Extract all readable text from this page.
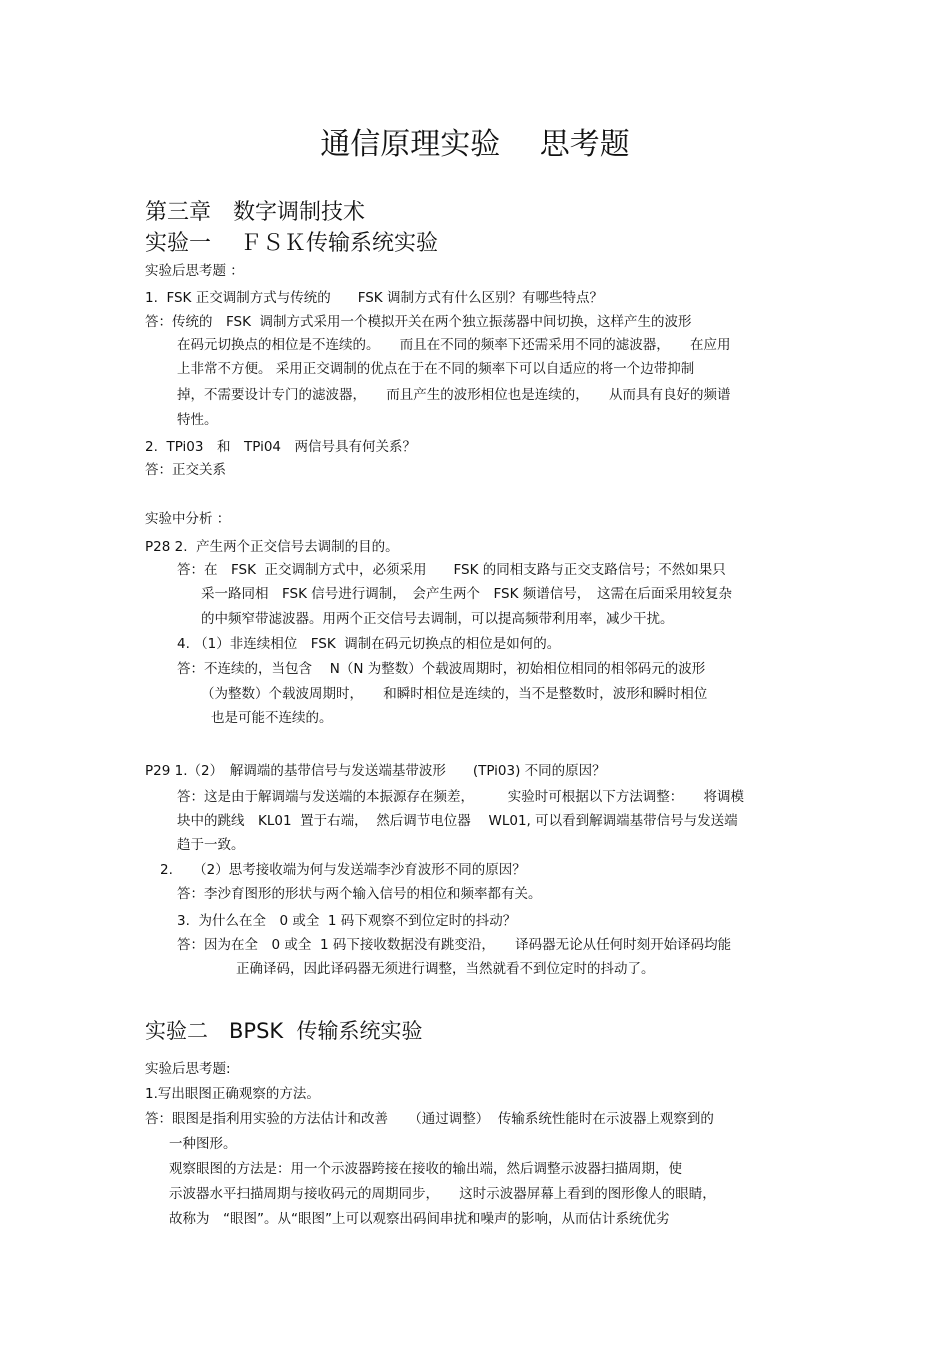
通信原理实验　 思考题
第三章　数字调制技术
实验一　 ＦＳＫ传输系统实验
实验后思考题 ：
1.  FSK 正交调制方式与传统的　　FSK 调制方式有什么区别？有哪些特点？
答：传统的　FSK  调制方式采用一个模拟开关在两个独立振荡器中间切换，这样产生的波形
在码元切换点的相位是不连续的。　　而且在不同的频率下还需采用不同的滤波器，　　在应用
上非常不方便。 采用正交调制的优点在于在不同的频率下可以自适应的将一个边带抑制
掉，不需要设计专门的滤波器，　　而且产生的波形相位也是连续的，　　从而具有良好的频谱
特性。
2.  TPi03　和　TPi04　两信号具有何关系？
答：正交关系
实验中分析 ：
P28 2.  产生两个正交信号去调制的目的。
答：在　FSK  正交调制方式中，必须采用　　FSK 的同相支路与正交支路信号；不然如果只
采一路同相　FSK 信号进行调制，　会产生两个　FSK 频谱信号，　这需在后面采用较复杂
的中频窄带滤波器。用两个正交信号去调制，可以提高频带利用率，减少干扰。
4. （1）非连续相位　FSK  调制在码元切换点的相位是如何的。
答：不连续的，当包含　 N（N 为整数）个载波周期时，初始相位相同的相邻码元的波形
（为整数）个载波周期时，　　和瞬时相位是连续的，当不是整数时，波形和瞬时相位
也是可能不连续的。
P29 1.（2）　解调端的基带信号与发送端基带波形　　(TPi03) 不同的原因？
答：这是由于解调端与发送端的本振源存在频差，　　　实验时可根据以下方法调整：　　将调模
块中的跳线　KL01  置于右端，  然后调节电位器　 WL01, 可以看到解调端基带信号与发送端
趋于一致。
2.　　（2）思考接收端为何与发送端李沙育波形不同的原因？
答：李沙育图形的形状与两个输入信号的相位和频率都有关。
3.  为什么在全　0 或全  1 码下观察不到位定时的抖动？
答：因为在全　0 或全  1 码下接收数据没有跳变沿，　　译码器无论从任何时刻开始译码均能
正确译码，因此译码器无须进行调整，当然就看不到位定时的抖动了。
实验二　BPSK  传输系统实验
实验后思考题:
1.写出眼图正确观察的方法。
答：眼图是指利用实验的方法估计和改善　　（通过调整）  传输系统性能时在示波器上观察到的
一种图形。
观察眼图的方法是：用一个示波器跨接在接收的输出端，然后调整示波器扫描周期，使
示波器水平扫描周期与接收码元的周期同步，　　这时示波器屏幕上看到的图形像人的眼睛，
故称为　“眼图”。从“眼图”上可以观察出码间串扰和噪声的影响，从而估计系统优劣
